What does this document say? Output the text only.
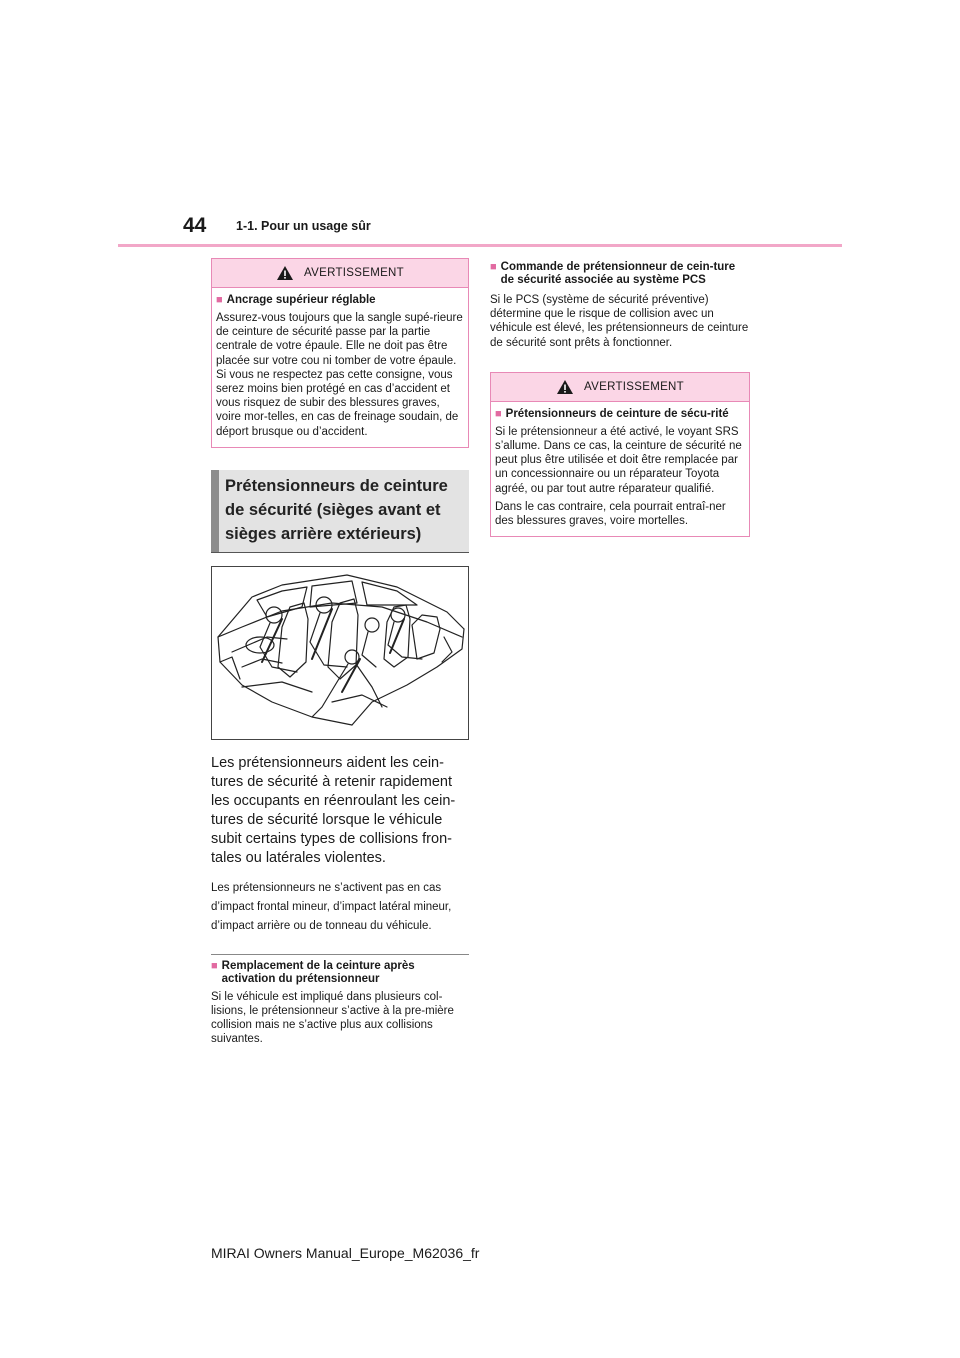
44 1-1. Pour un usage sûr
AVERTISSEMENT
■ Ancrage supérieur réglable

Assurez-vous toujours que la sangle supé-rieure de ceinture de sécurité passe par la partie centrale de votre épaule. Elle ne doit pas être placée sur votre cou ni tomber de votre épaule. Si vous ne respectez pas cette consigne, vous serez moins bien protégé en cas d’accident et vous risquez de subir des blessures graves, voire mor-telles, en cas de freinage soudain, de déport brusque ou d’accident.

Prétensionneurs de ceinture de sécurité (sièges avant et sièges arrière extérieurs)

Les prétensionneurs aident les cein-tures de sécurité à retenir rapidement les occupants en réenroulant les cein-tures de sécurité lorsque le véhicule subit certains types de collisions fron-tales ou latérales violentes.

Les prétensionneurs ne s’activent pas en cas d’impact frontal mineur, d’impact latéral mineur, d’impact arrière ou de tonneau du véhicule.

■ Remplacement de la ceinture après activation du prétensionneur

Si le véhicule est impliqué dans plusieurs col-lisions, le prétensionneur s’active à la pre-mière collision mais ne s’active plus aux collisions suivantes.

■ Commande de prétensionneur de cein-ture de sécurité associée au système PCS

Si le PCS (système de sécurité préventive) détermine que le risque de collision avec un véhicule est élevé, les prétensionneurs de ceinture de sécurité sont prêts à fonctionner.

AVERTISSEMENT
■ Prétensionneurs de ceinture de sécu-rité

Si le prétensionneur a été activé, le voyant SRS s’allume. Dans ce cas, la ceinture de sécurité ne peut plus être utilisée et doit être remplacée par un concessionnaire ou un réparateur Toyota agréé, ou par tout autre réparateur qualifié.

Dans le cas contraire, cela pourrait entraî-ner des blessures graves, voire mortelles.

MIRAI Owners Manual_Europe_M62036_fr
